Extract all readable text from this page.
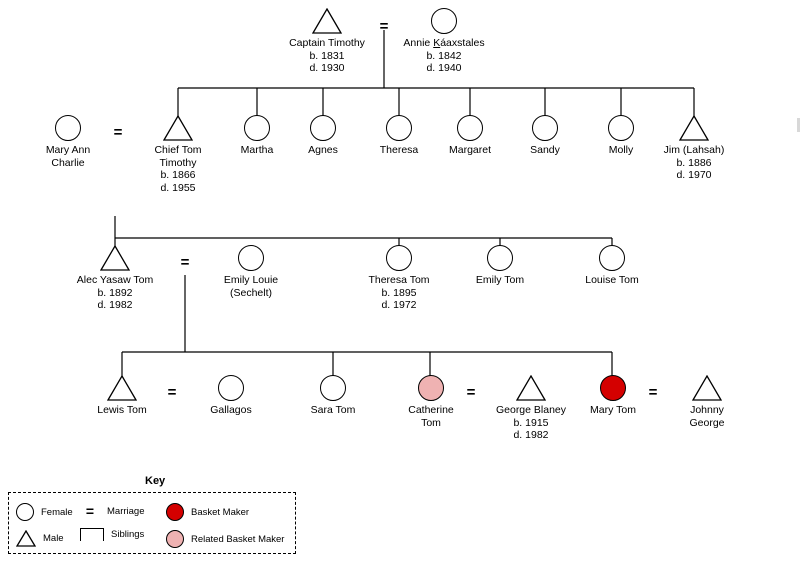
Captain Timothy
b. 1831
d. 1930
=
Annie Káaxstales
b. 1842
d. 1940
Mary Ann
Charlie
=
Chief Tom
Timothy
b. 1866
d. 1955
Martha	Agnes	Theresa	Margaret	Sandy	Molly	Jim (Lahsah)
b. 1886
d. 1970
Alec Yasaw Tom
b. 1892
d. 1982
=
Emily Louie
(Sechelt)
Theresa Tom
b. 1895
d. 1972
Emily Tom	Louise Tom
Lewis Tom
=
Gallagos	Sara Tom	Catherine
Tom
=
George Blaney
b. 1915
d. 1982
Mary Tom
=
Johnny
George
Key
Female =	Marriage	Basket Maker
Male	Siblings	Related Basket Maker
